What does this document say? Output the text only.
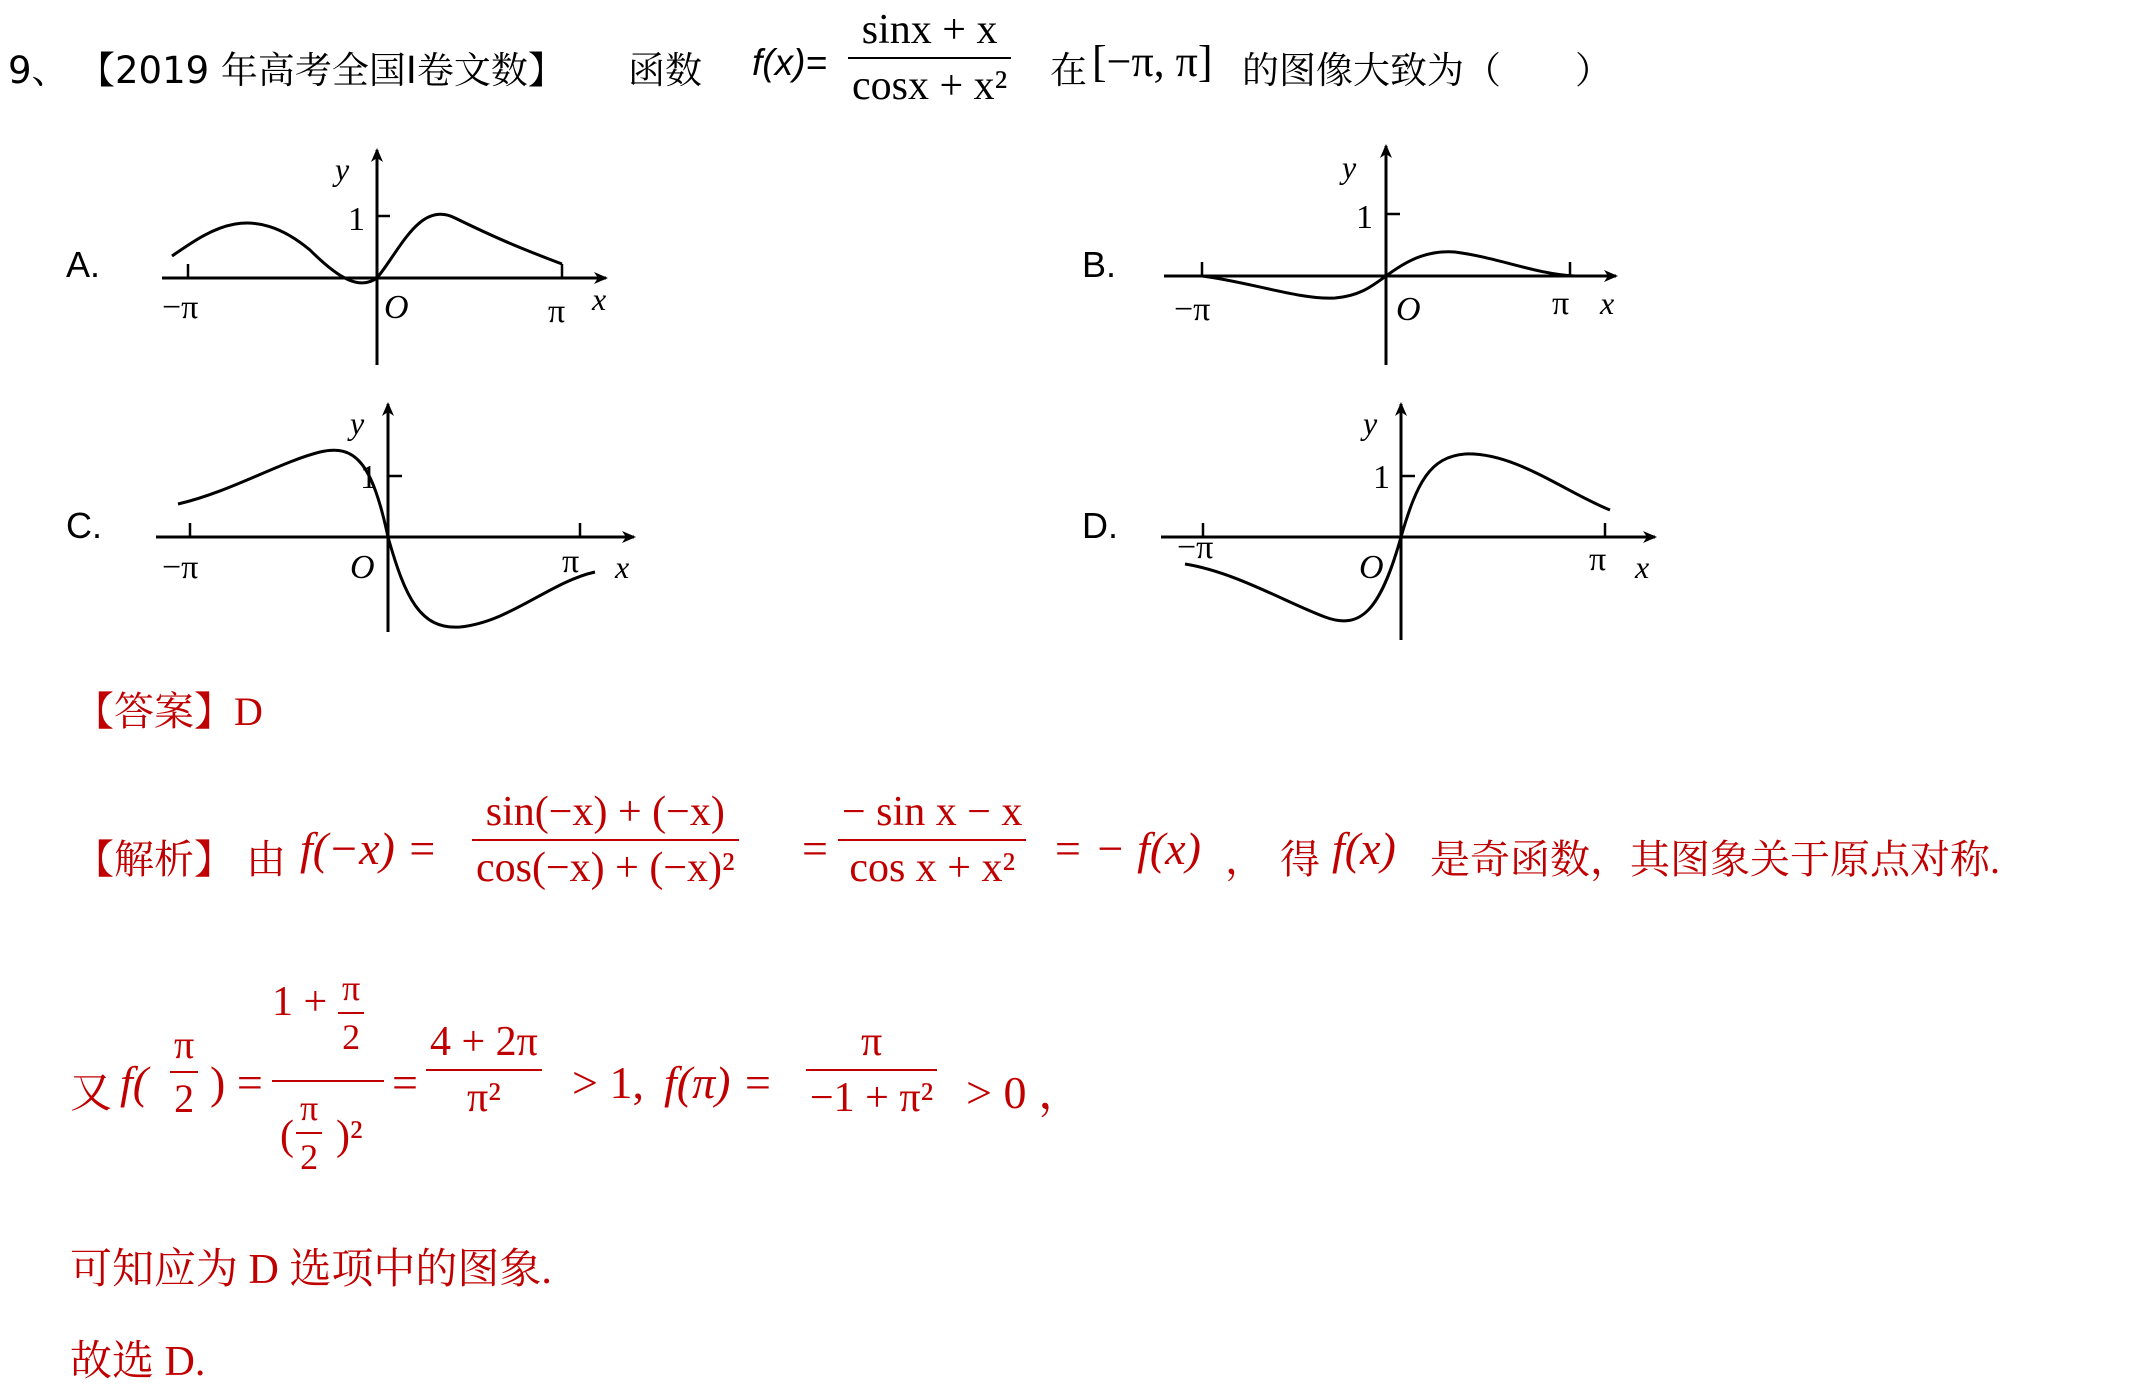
9、 【2019 年高考全国Ⅰ卷文数】 函数 f(x)=
sinx + x
cosx + x² 在 [−π, π] 的图像大致为（　　）
A.	B.
C.	D.
y
1
−π	O	π x
y
1
−π	O	π x
y
1
−π	O	π x
y
1
−π
O	π x
【答案】D
【解析】 由 f(−x) =
sin(−x) + (−x)
cos(−x) + (−x)² =
− sin x − x
cos x + x² = − f(x) ， 得 f(x) 是奇函数，其图象关于原点对称.
又 f(
π
2 ) =
1 + π
2
(
π
2 )²
=
4 + 2π
π² > 1, f(π) =
π
−1 + π² > 0 ，
可知应为 D 选项中的图象.
故选 D.
